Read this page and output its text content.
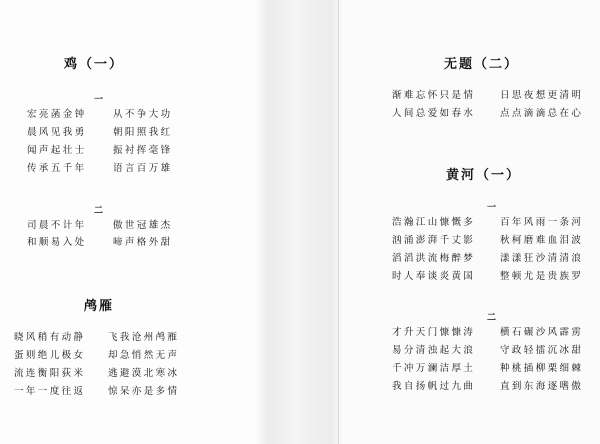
鸡（一）
一
宏亮菡金钟	从不争大功
晨风见我勇	朝阳照我红
闻声起壮士	振衬挥毫锋
传承五千年	语言百万雄
二
司晨不计年	傲世冠雄杰
和顺易入处	啼声格外甜
鸬雁
晓风稍有动静 飞我沧州鸬雁
蛋则绝儿极女 却急悄然无声
流连衡阳荻米 逃避漠北寒冰
一年一度往返 惊呆亦是多情
无题（二）
渐难忘怀只是情	日思夜想更清明
人间总爱如春水	点点滴滴总在心
黄河（一）
一
浩瀚江山慷慨多	百年风雨一条河
汹涌澎湃千丈影	秋柯磨难血泪波
滔滔洪流梅醉梦	漾漾狂沙清清浪
时人奉谈炎黄国	整顿尤是贵族罗
二
才升天门慷慷涛	横石碾沙风霹雳
易分清浊起大浪	守政轻擂沉冰甜
千冲万澜洁厚土	种桃插柳栗细棘
我自扬帆过九曲	直到东海逐嗜傲
